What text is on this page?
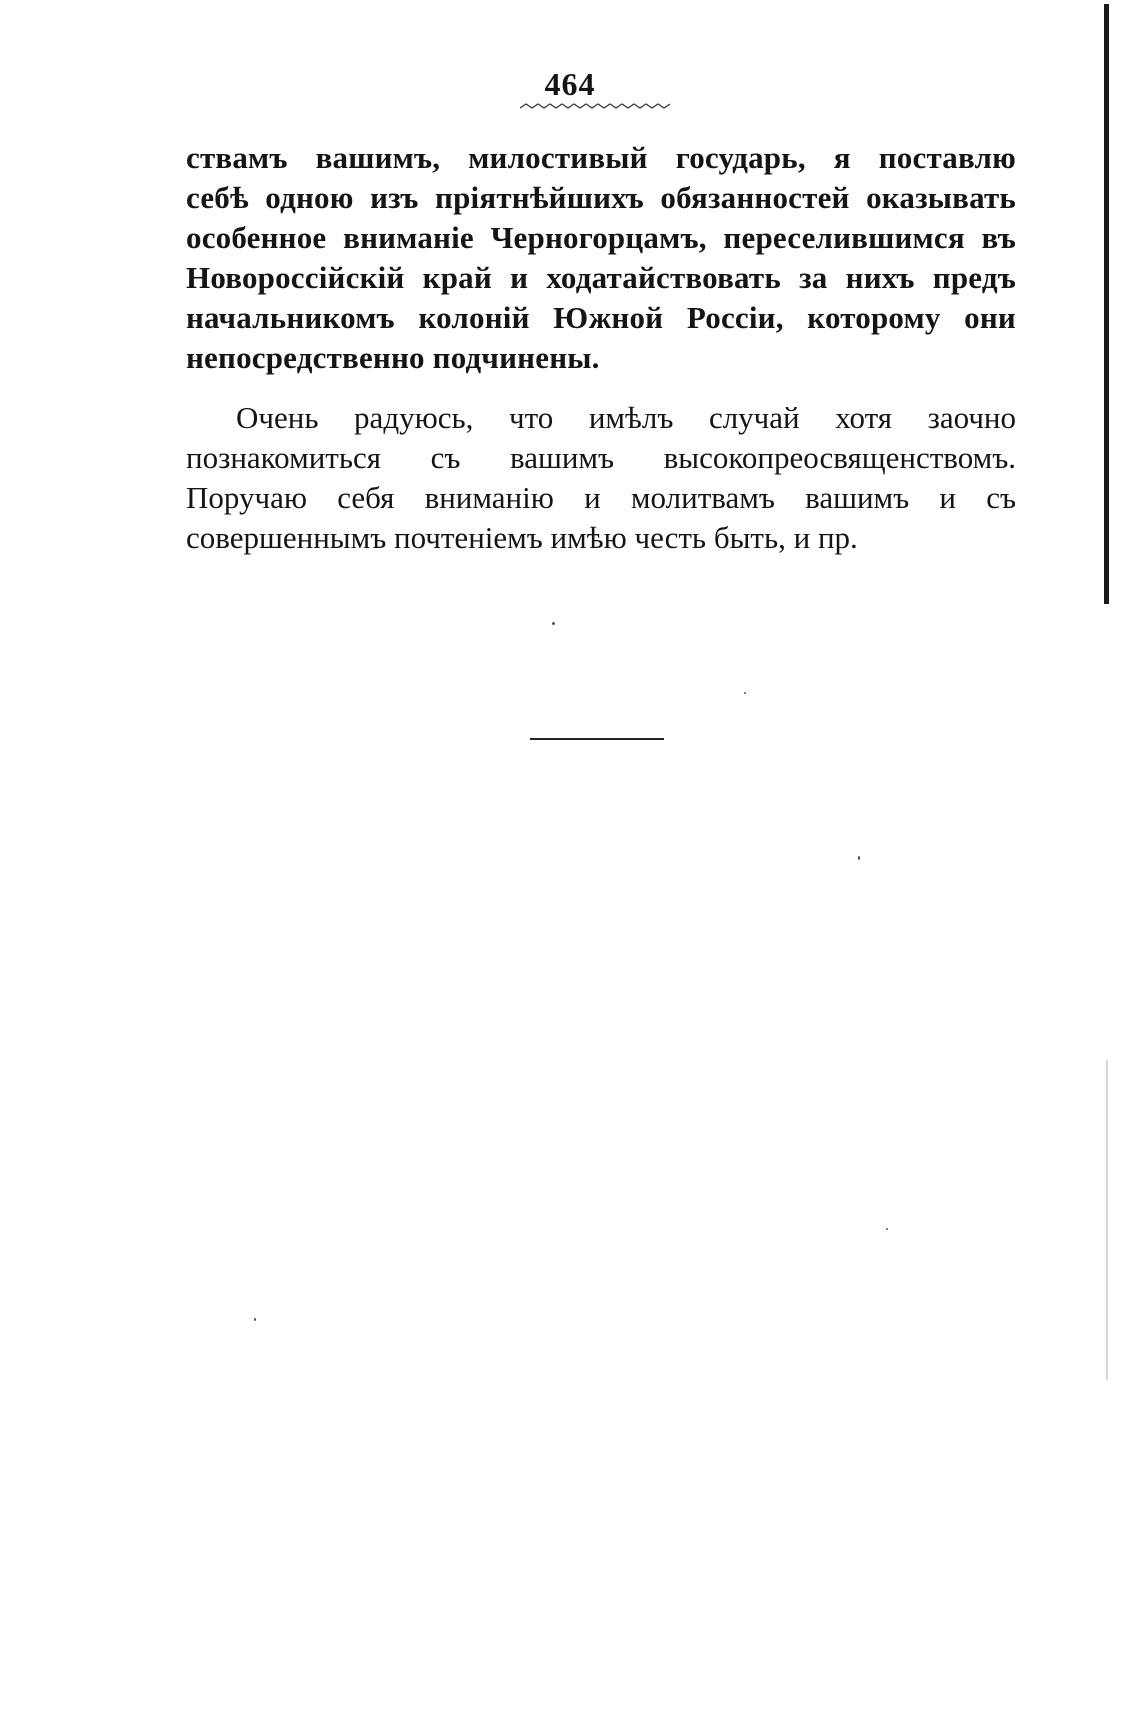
464
ствамъ вашимъ, милостивый государь, я поставлю
себѣ одною изъ пріятнѣйшихъ обязанностей оказывать
особенное вниманіе Черногорцамъ, переселившимся въ
Новороссійскій край и ходатайствовать за нихъ предъ
начальникомъ колоній Южной Россіи, которому они
непосредственно подчинены.
Очень радуюсь, что имѣлъ случай хотя заочно
познакомиться съ вашимъ высокопреосвященствомъ.
Поручаю себя вниманію и молитвамъ вашимъ и съ
совершеннымъ почтеніемъ имѣю честь быть, и пр.
